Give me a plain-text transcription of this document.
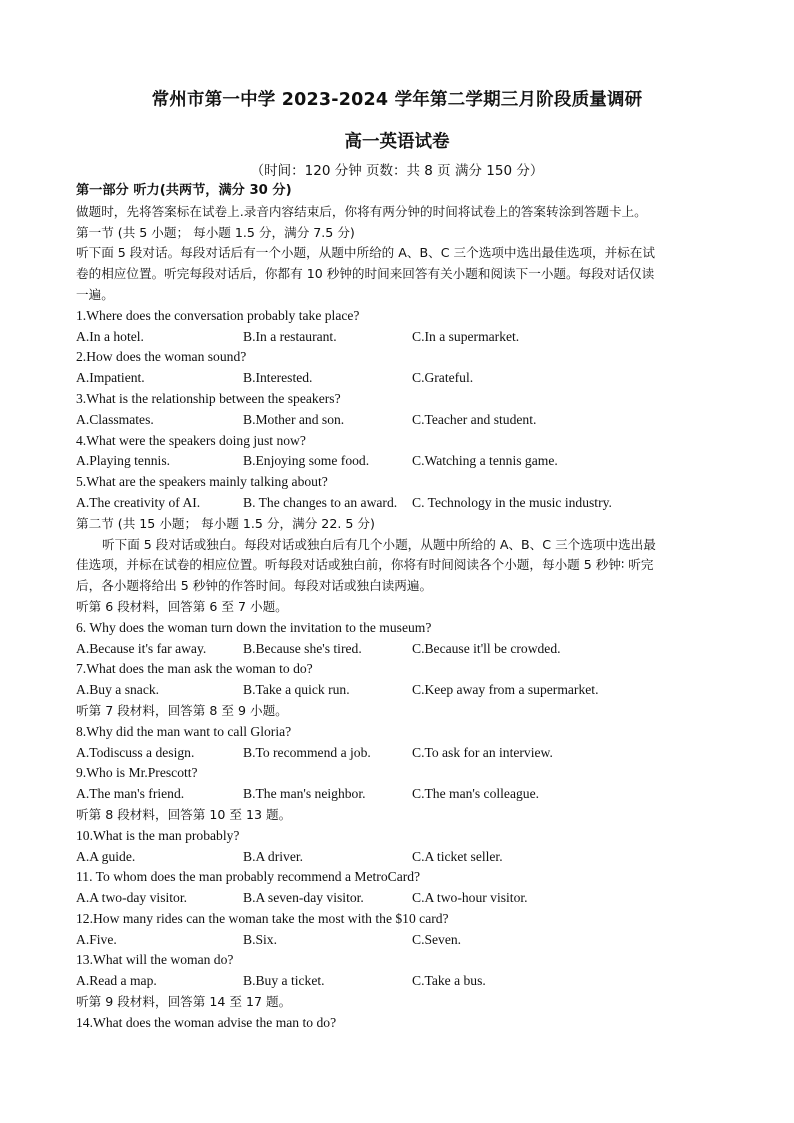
常州市第一中学 2023-2024 学年第二学期三月阶段质量调研
高一英语试卷
（时间：120 分钟 页数：共 8 页 满分 150 分）
第一部分 听力(共两节，满分 30 分)
做题时，先将答案标在试卷上.录音内容结束后，你将有两分钟的时间将试卷上的答案转涂到答题卡上。
第一节 (共 5 小题； 每小题 1.5 分，满分 7.5 分)
听下面 5 段对话。每段对话后有一个小题，从题中所给的 A、B、C 三个选项中选出最佳选项，并标在试
卷的相应位置。听完每段对话后，你都有 10 秒钟的时间来回答有关小题和阅读下一小题。每段对话仅读
一遍。
1.Where does the conversation probably take place?
A.In a hotel.	B.In a restaurant.	C.In a supermarket.
2.How does the woman sound?
A.Impatient.	B.Interested.	C.Grateful.
3.What is the relationship between the speakers?
A.Classmates.	B.Mother and son.	C.Teacher and student.
4.What were the speakers doing just now?
A.Playing tennis.	B.Enjoying some food.	C.Watching a tennis game.
5.What are the speakers mainly talking about?
A.The creativity of AI.	B. The changes to an award. C. Technology in the music industry.
第二节 (共 15 小题； 每小题 1.5 分，满分 22. 5 分)
听下面 5 段对话或独白。每段对话或独白后有几个小题，从题中所给的 A、B、C 三个选项中选出最
佳选项，并标在试卷的相应位置。听每段对话或独白前，你将有时间阅读各个小题，每小题 5 秒钟∶ 听完
后，各小题将给出 5 秒钟的作答时间。每段对话或独白读两遍。
听第 6 段材料，回答第 6 至 7 小题。
6. Why does the woman turn down the invitation to the museum?
A.Because it's far away.	B.Because she's tired.	C.Because it'll be crowded.
7.What does the man ask the woman to do?
A.Buy a snack.	B.Take a quick run.	C.Keep away from a supermarket.
听第 7 段材料，回答第 8 至 9 小题。
8.Why did the man want to call Gloria?
A.Todiscuss a design.	B.To recommend a job.	C.To ask for an interview.
9.Who is Mr.Prescott?
A.The man's friend.	B.The man's neighbor.	C.The man's colleague.
听第 8 段材料，回答第 10 至 13 题。
10.What is the man probably?
A.A guide.	B.A driver.	C.A ticket seller.
11. To whom does the man probably recommend a MetroCard?
A.A two-day visitor.	B.A seven-day visitor.	C.A two-hour visitor.
12.How many rides can the woman take the most with the $10 card?
A.Five.	B.Six.	C.Seven.
13.What will the woman do?
A.Read a map.	B.Buy a ticket.	C.Take a bus.
听第 9 段材料，回答第 14 至 17 题。
14.What does the woman advise the man to do?
